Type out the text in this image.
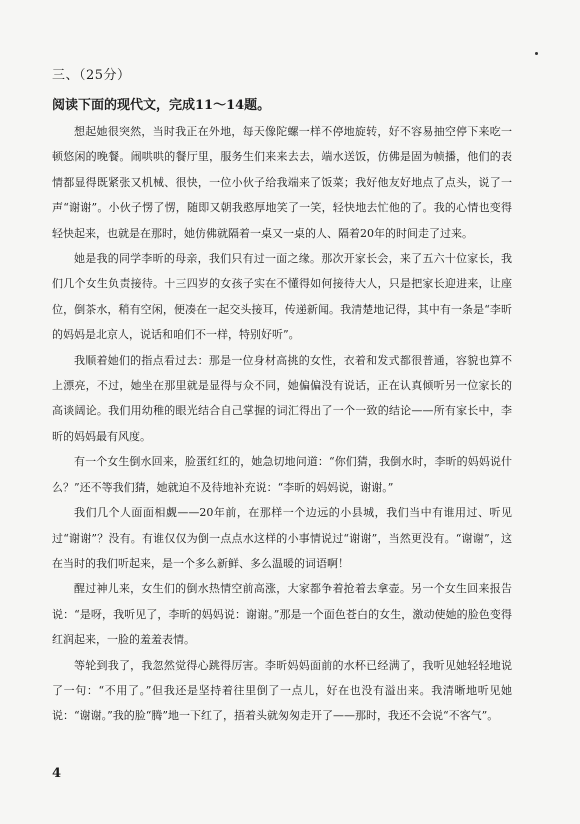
三、（25分）
阅读下面的现代文，完成11～14题。

想起她很突然，当时我正在外地，每天像陀螺一样不停地旋转，好不容易抽空停下来吃一顿悠闲的晚餐。闹哄哄的餐厅里，服务生们来来去去，端水送饭，仿佛是固为帧播，他们的表情都显得既紧张又机械、很快，一位小伙子给我端来了饭菜；我好他友好地点了点头，说了一声“谢谢”。小伙子愣了愣，随即又朝我憨厚地笑了一笑，轻快地去忙他的了。我的心情也变得轻快起来，也就是在那时，她仿佛就隔着一桌又一桌的人、隔着20年的时间走了过来。

她是我的同学李昕的母亲，我们只有过一面之缘。那次开家长会，来了五六十位家长，我们几个女生负责接待。十三四岁的女孩子实在不懂得如何接待大人，只是把家长迎进来，让座位，倒茶水，稍有空闲，便凑在一起交头接耳，传递新闻。我清楚地记得，其中有一条是“李昕的妈妈是北京人，说话和咱们不一样，特别好听”。

我顺着她们的指点看过去：那是一位身材高挑的女性，衣着和发式都很普通，容貌也算不上漂亮，不过，她坐在那里就是显得与众不同，她偏偏没有说话，正在认真倾听另一位家长的高谈阔论。我们用幼稚的眼光结合自己掌握的词汇得出了一个一致的结论——所有家长中，李昕的妈妈最有风度。

有一个女生倒水回来，脸蛋红红的，她急切地问道：“你们猜，我倒水时，李昕的妈妈说什么？”还不等我们猜，她就迫不及待地补充说：“李昕的妈妈说，谢谢。”

我们几个人面面相觑——20年前，在那样一个边远的小县城，我们当中有谁用过、听见过“谢谢”？没有。有谁仅仅为倒一点点水这样的小事情说过“谢谢”，当然更没有。“谢谢”，这在当时的我们听起来，是一个多么新鲜、多么温暖的词语啊！

醒过神儿来，女生们的倒水热情空前高涨，大家都争着抢着去拿壶。另一个女生回来报告说：“是呀，我听见了，李昕的妈妈说：谢谢。”那是一个面色苍白的女生，激动使她的脸色变得红润起来，一脸的羞羞表情。

等轮到我了，我忽然觉得心跳得厉害。李昕妈妈面前的水杯已经满了，我听见她轻轻地说了一句：“不用了。”但我还是坚持着往里倒了一点儿，好在也没有溢出来。我清晰地听见她说：“谢谢。”我的脸“腾”地一下红了，捂着头就匆匆走开了——那时，我还不会说“不客气”。

4
